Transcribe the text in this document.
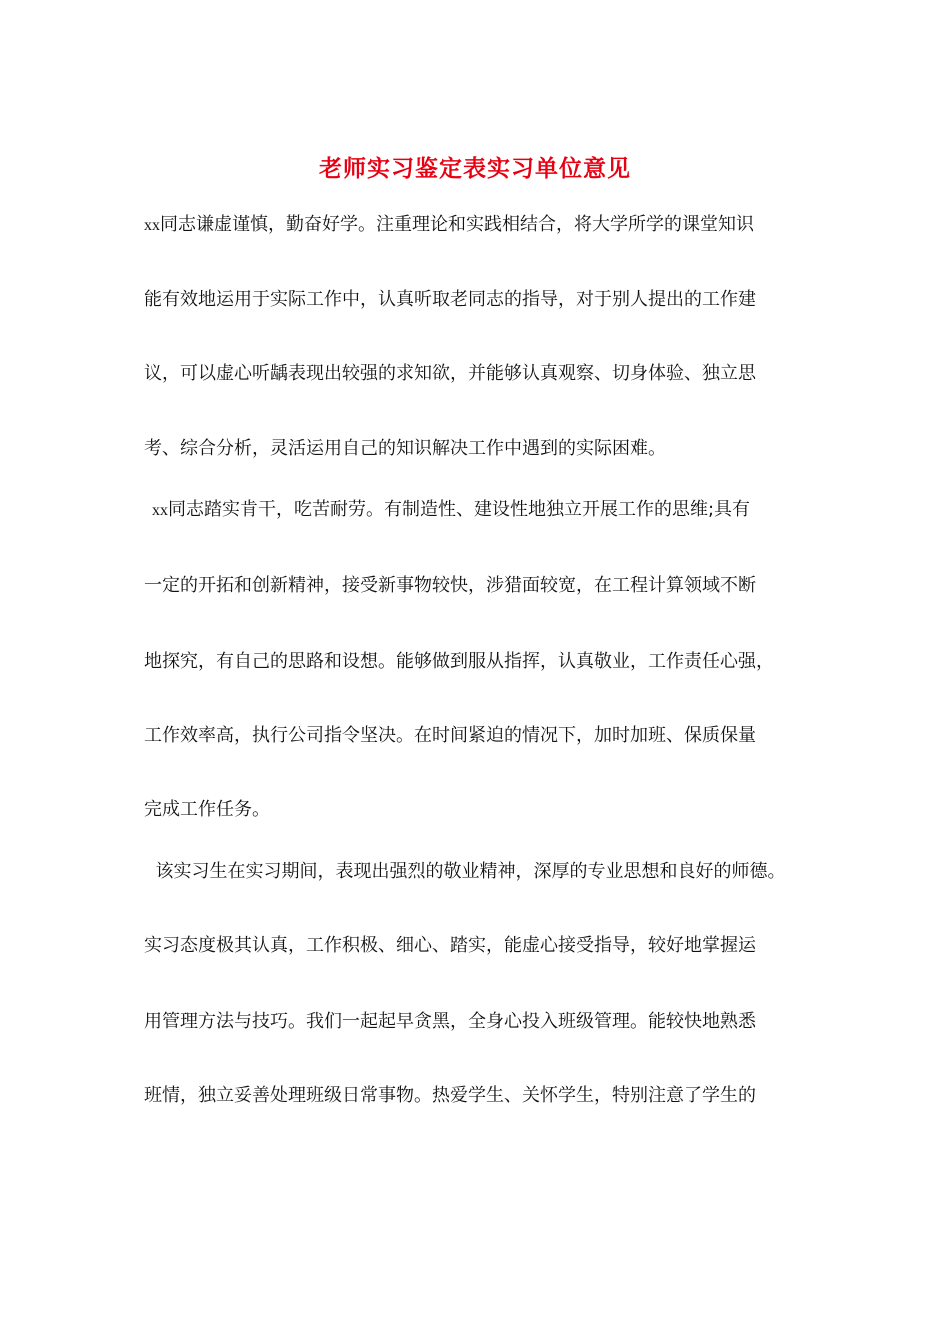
老师实习鉴定表实习单位意见
xx同志谦虚谨慎，勤奋好学。注重理论和实践相结合，将大学所学的课堂知识
能有效地运用于实际工作中，认真听取老同志的指导，对于别人提出的工作建
议，可以虚心听龋表现出较强的求知欲，并能够认真观察、切身体验、独立思
考、综合分析，灵活运用自己的知识解决工作中遇到的实际困难。
xx同志踏实肯干，吃苦耐劳。有制造性、建设性地独立开展工作的思维;具有
一定的开拓和创新精神，接受新事物较快，涉猎面较宽，在工程计算领域不断
地探究，有自己的思路和设想。能够做到服从指挥，认真敬业，工作责任心强，
工作效率高，执行公司指令坚决。在时间紧迫的情况下，加时加班、保质保量
完成工作任务。
该实习生在实习期间，表现出强烈的敬业精神，深厚的专业思想和良好的师德。
实习态度极其认真，工作积极、细心、踏实，能虚心接受指导，较好地掌握运
用管理方法与技巧。我们一起起早贪黑，全身心投入班级管理。能较快地熟悉
班情，独立妥善处理班级日常事物。热爱学生、关怀学生，特别注意了学生的
